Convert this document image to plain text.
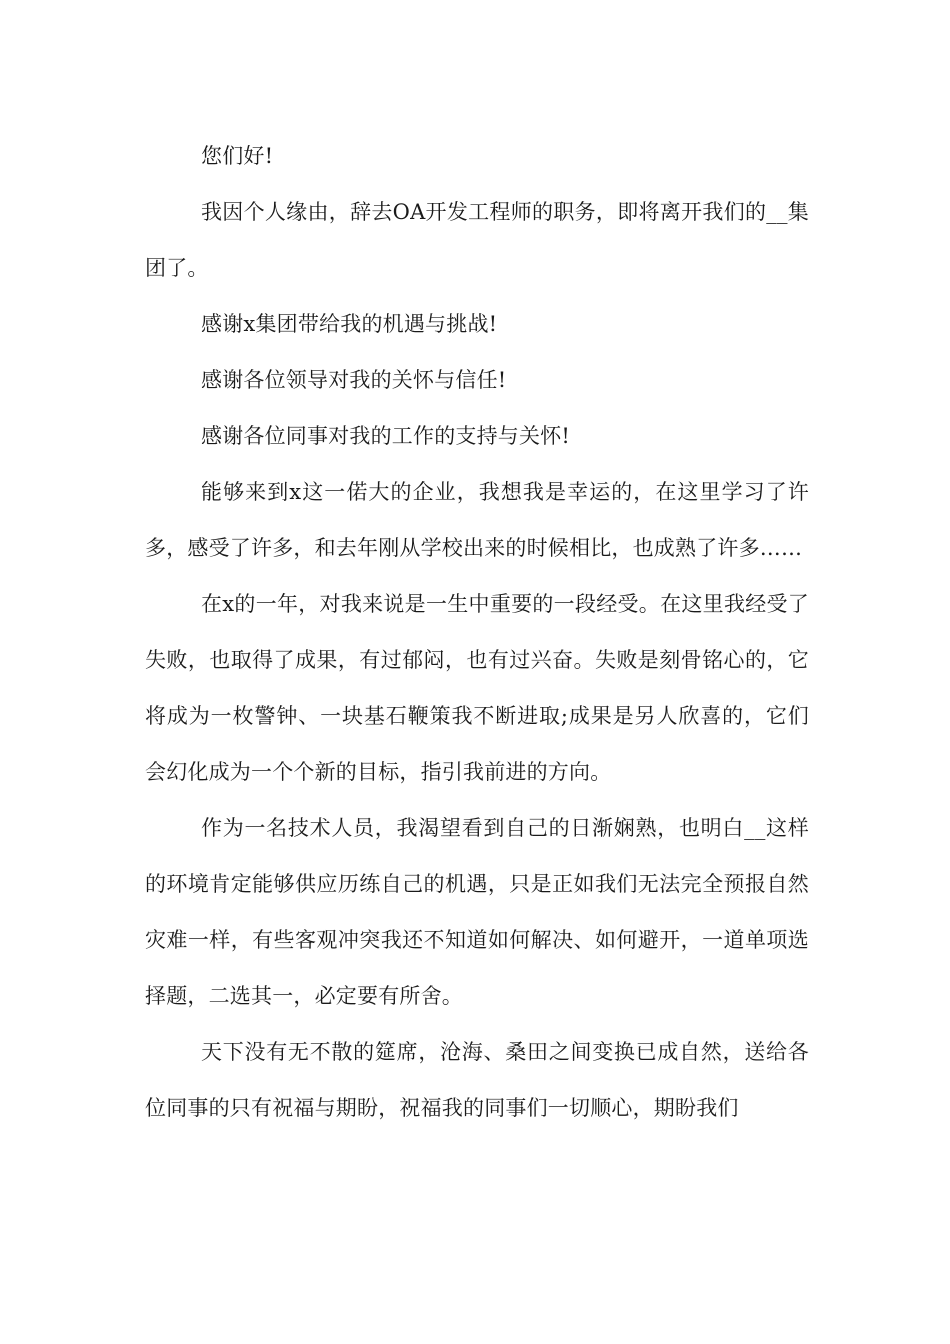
您们好!

我因个人缘由，辞去OA开发工程师的职务，即将离开我们的__集团了。

感谢x集团带给我的机遇与挑战!

感谢各位领导对我的关怀与信任!

感谢各位同事对我的工作的支持与关怀!

能够来到x这一偌大的企业，我想我是幸运的，在这里学习了许多，感受了许多，和去年刚从学校出来的时候相比，也成熟了许多……

在x的一年，对我来说是一生中重要的一段经受。在这里我经受了失败，也取得了成果，有过郁闷，也有过兴奋。失败是刻骨铭心的，它将成为一枚警钟、一块基石鞭策我不断进取;成果是另人欣喜的，它们会幻化成为一个个新的目标，指引我前进的方向。

作为一名技术人员，我渴望看到自己的日渐娴熟，也明白__这样的环境肯定能够供应历练自己的机遇，只是正如我们无法完全预报自然灾难一样，有些客观冲突我还不知道如何解决、如何避开，一道单项选择题，二选其一，必定要有所舍。

天下没有无不散的筵席，沧海、桑田之间变换已成自然，送给各位同事的只有祝福与期盼，祝福我的同事们一切顺心，期盼我们
